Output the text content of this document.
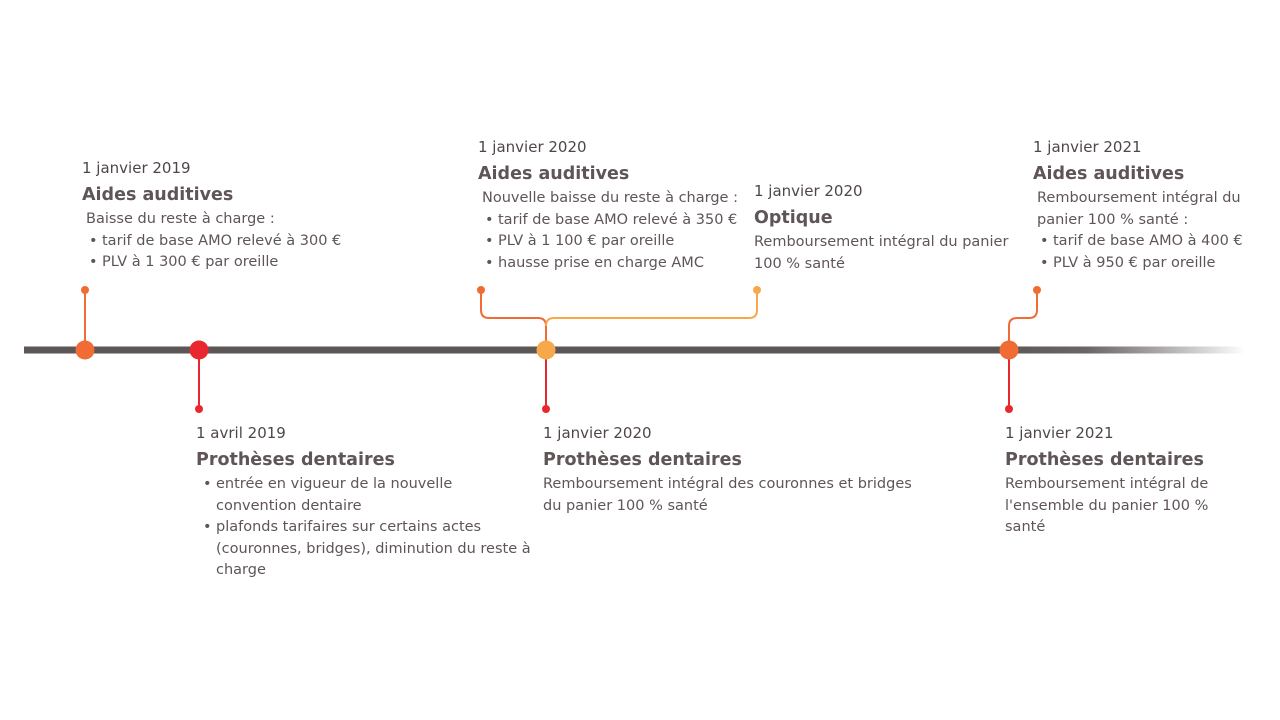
1 janvier 2019
Aides auditives
Baisse du reste à charge :
• tarif de base AMO relevé à 300 €
• PLV à 1 300 € par oreille
1 avril 2019
Prothèses dentaires
• entrée en vigueur de la nouvelle convention dentaire
• plafonds tarifaires sur certains actes (couronnes, bridges), diminution du reste à charge
1 janvier 2020
Aides auditives
Nouvelle baisse du reste à charge :
• tarif de base AMO relevé à 350 €
• PLV à 1 100 € par oreille
• hausse prise en charge AMC
1 janvier 2020
Optique
Remboursement intégral du panier 100 % santé
1 janvier 2020
Prothèses dentaires
Remboursement intégral des couronnes et bridges du panier 100 % santé
1 janvier 2021
Aides auditives
Remboursement intégral du panier 100 % santé :
• tarif de base AMO à 400 €
• PLV à 950 € par oreille
1 janvier 2021
Prothèses dentaires
Remboursement intégral de l'ensemble du panier 100 % santé
